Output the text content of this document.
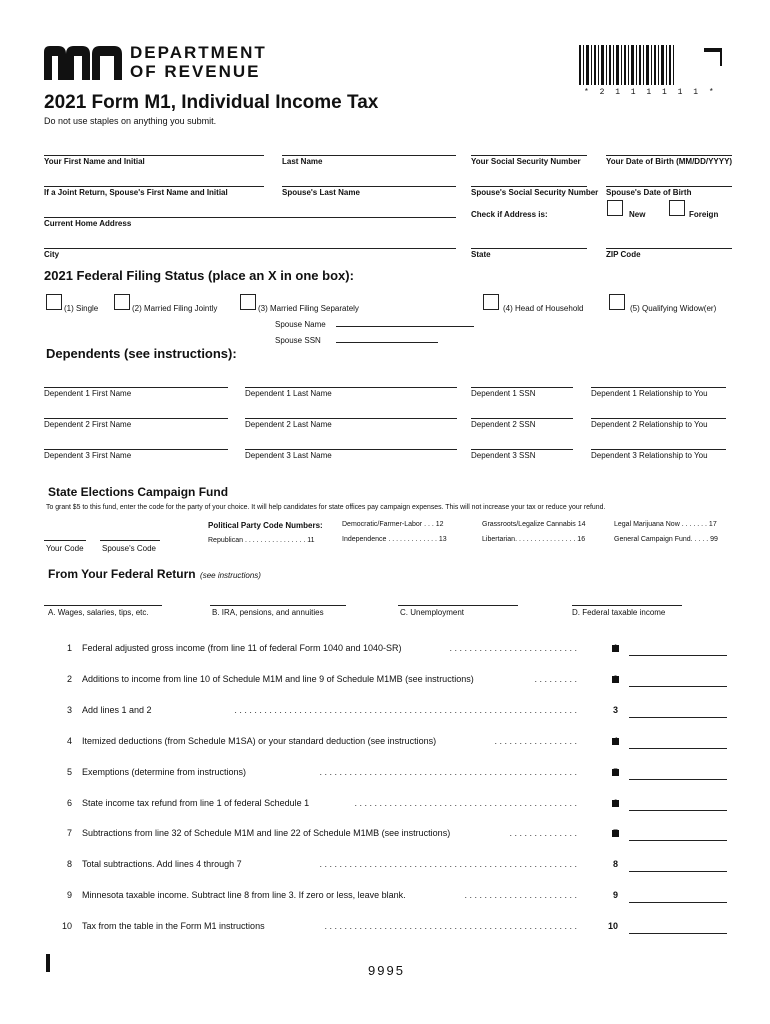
DEPARTMENT
OF REVENUE
* 2 1 1 1 1 1 1 *
2021 Form M1, Individual Income Tax
Do not use staples on anything you submit.
Your First Name and Initial	Last Name	Your Social Security Number	Your Date of Birth (MM/DD/YYYY)
If a Joint Return, Spouse's First Name and Initial	Spouse's Last Name	Spouse's Social Security Number Spouse's Date of Birth
Current Home Address
Check if Address is:	New	Foreign
City	State	ZIP Code
2021 Federal Filing Status (place an X in one box):
(1) Single	(2) Married Filing Jointly	(3) Married Filing Separately	(4) Head of Household	(5) Qualifying Widow(er)
Spouse Name
Spouse SSN
Dependents (see instructions):
Dependent 1 First Name	Dependent 1 Last Name	Dependent 1 SSN	Dependent 1 Relationship to You
Dependent 2 First Name	Dependent 2 Last Name	Dependent 2 SSN	Dependent 2 Relationship to You
Dependent 3 First Name	Dependent 3 Last Name	Dependent 3 SSN	Dependent 3 Relationship to You
State Elections Campaign Fund
To grant $5 to this fund, enter the code for the party of your choice. It will help candidates for state offices pay campaign expenses. This will not increase your tax or reduce your refund.
Your Code Spouse's Code
Political Party Code Numbers:
Republican . . . . . . . . . . . . . . . . 11
Democratic/Farmer-Labor . . . 12
Independence . . . . . . . . . . . . . 13
Grassroots/Legalize Cannabis 14
Libertarian. . . . . . . . . . . . . . . . 16
Legal Marijuana Now . . . . . . . 17
General Campaign Fund. . . . . 99
From Your Federal Return (see instructions)
A. Wages, salaries, tips, etc.	B. IRA, pensions, and annuities	C. Unemployment	D. Federal taxable income
1 Federal adjusted gross income (from line 11 of federal Form 1040 and 1040-SR)	. . . . . . . . . . . . . . . . . . . . . . . . . .
2 Additions to income from line 10 of Schedule M1M and line 9 of Schedule M1MB (see instructions)	. . . . . . . . .
3 Add lines 1 and 2	. . . . . . . . . . . . . . . . . . . . . . . . . . . . . . . . . . . . . . . . . . . . . . . . . . . . . . . . . . . . . . . . . . . . .	3
4 Itemized deductions (from Schedule M1SA) or your standard deduction (see instructions)	. . . . . . . . . . . . . . . . .
5 Exemptions (determine from instructions)	. . . . . . . . . . . . . . . . . . . . . . . . . . . . . . . . . . . . . . . . . . . . . . . . . . . .
6 State income tax refund from line 1 of federal Schedule 1	. . . . . . . . . . . . . . . . . . . . . . . . . . . . . . . . . . . . . . . . . . . . .
7 Subtractions from line 32 of Schedule M1M and line 22 of Schedule M1MB (see instructions)	. . . . . . . . . . . . . .
8 Total subtractions. Add lines 4 through 7	. . . . . . . . . . . . . . . . . . . . . . . . . . . . . . . . . . . . . . . . . . . . . . . . . . . .	8
9 Minnesota taxable income. Subtract line 8 from line 3. If zero or less, leave blank.	. . . . . . . . . . . . . . . . . . . . . . .	9
10 Tax from the table in the Form M1 instructions	. . . . . . . . . . . . . . . . . . . . . . . . . . . . . . . . . . . . . . . . . . . . . . . . . . .	10
9995
